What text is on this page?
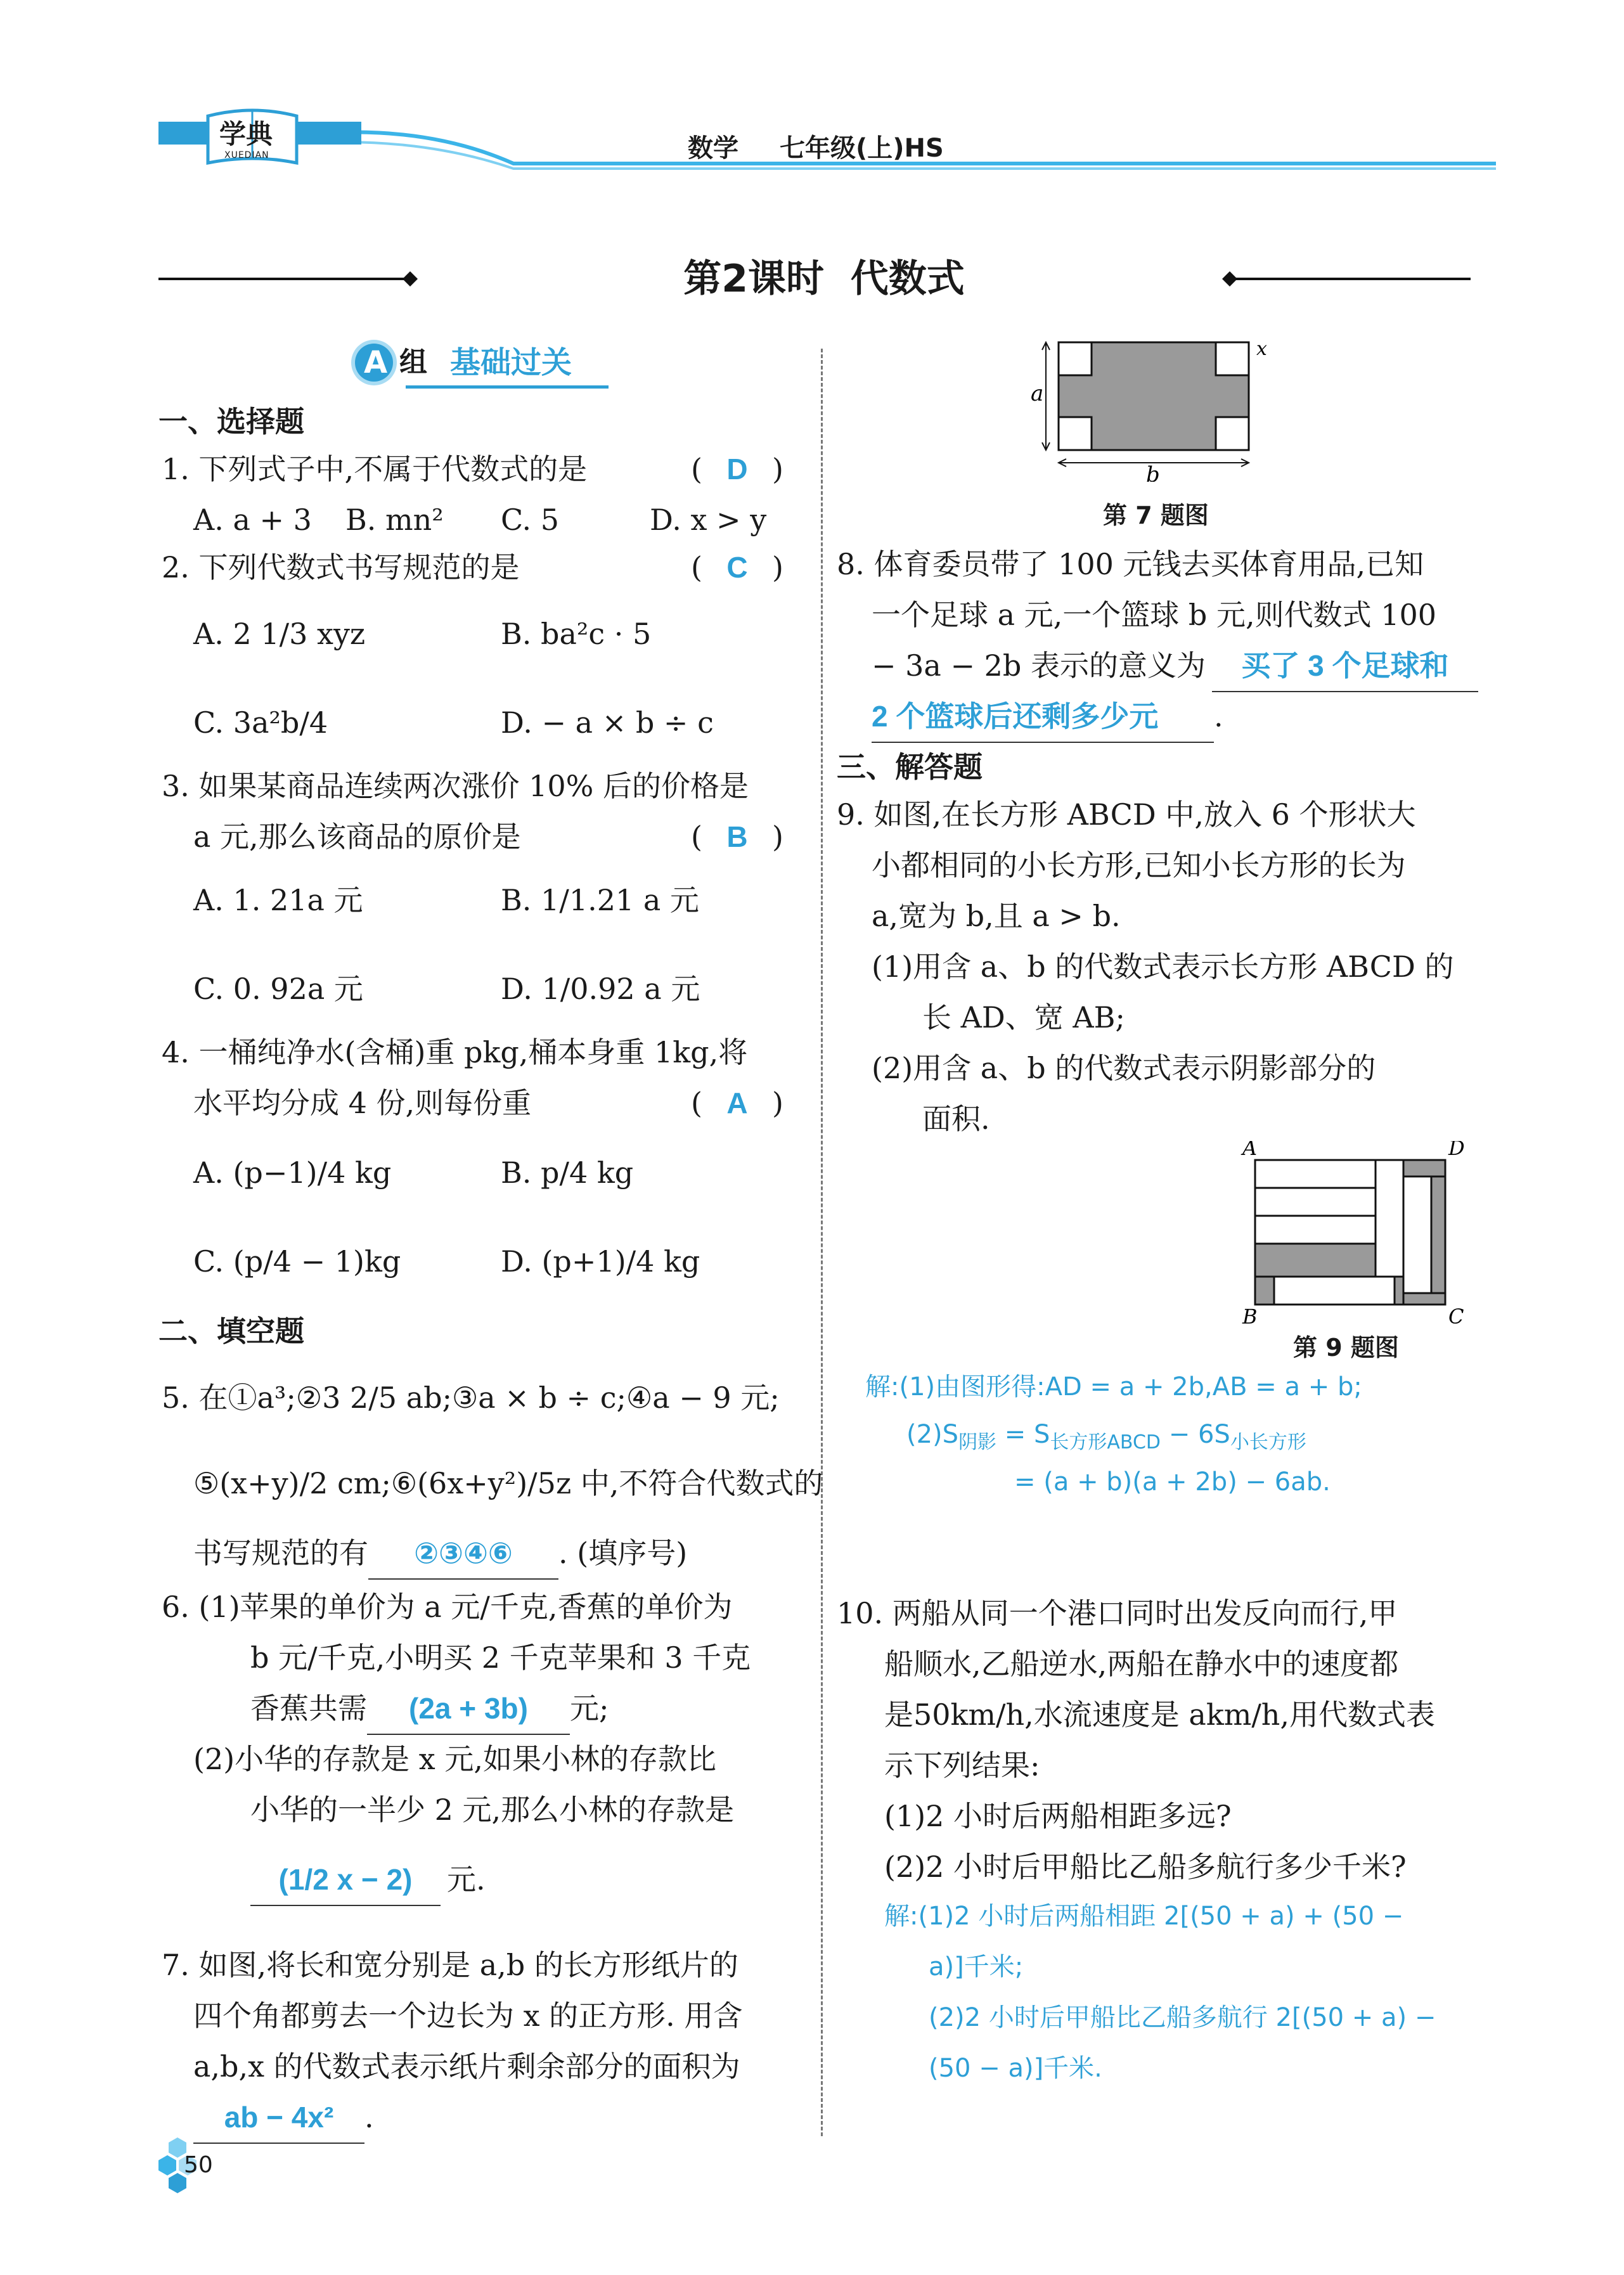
学典
XUEDIAN	数学 七年级(上)HS
第2课时  代数式
A 组 基础过关
一、选择题
1. 下列式子中,不属于代数式的是	( D )
A. a + 3 B. mn² C. 5	D. x > y
2. 下列代数式书写规范的是	( C )
A. 2 1/3 xyz	B. ba²c · 5
C. 3a²b/4	D. − a × b ÷ c
3. 如果某商品连续两次涨价 10% 后的价格是
a 元,那么该商品的原价是	( B )
A. 1. 21a 元	B. 1/1.21 a 元
C. 0. 92a 元	D. 1/0.92 a 元
4. 一桶纯净水(含桶)重 pkg,桶本身重 1kg,将
水平均分成 4 份,则每份重	( A )
A. (p−1)/4 kg	B. p/4 kg
C. (p/4 − 1)kg	D. (p+1)/4 kg
二、填空题
5. 在①a³;②3 2/5 ab;③a × b ÷ c;④a − 9 元;
⑤(x+y)/2 cm;⑥(6x+y²)/5z 中,不符合代数式的
书写规范的有 ②③④⑥ . (填序号)
6. (1)苹果的单价为 a 元/千克,香蕉的单价为
b 元/千克,小明买 2 千克苹果和 3 千克
香蕉共需 (2a + 3b) 元;
(2)小华的存款是 x 元,如果小林的存款比
小华的一半少 2 元,那么小林的存款是
(1/2 x − 2) 元.
7. 如图,将长和宽分别是 a,b 的长方形纸片的
四个角都剪去一个边长为 x 的正方形. 用含
a,b,x 的代数式表示纸片剩余部分的面积为
ab − 4x² .
50
a
b
x
第 7 题图
8. 体育委员带了 100 元钱去买体育用品,已知
一个足球 a 元,一个篮球 b 元,则代数式 100
− 3a − 2b 表示的意义为 买了 3 个足球和
2 个篮球后还剩多少元 .
三、解答题
9. 如图,在长方形 ABCD 中,放入 6 个形状大
小都相同的小长方形,已知小长方形的长为
a,宽为 b,且 a > b.
(1)用含 a、b 的代数式表示长方形 ABCD 的
长 AD、宽 AB;
(2)用含 a、b 的代数式表示阴影部分的
面积.
A	D
B	C
第 9 题图
解:(1)由图形得:AD = a + 2b,AB = a + b;
$(2)S_{阴影} = S_{长方形ABCD} - 6S_{小长方形}$
= (a + b)(a + 2b) − 6ab.
10. 两船从同一个港口同时出发反向而行,甲
船顺水,乙船逆水,两船在静水中的速度都
是50km/h,水流速度是 akm/h,用代数式表
示下列结果:
(1)2 小时后两船相距多远?
(2)2 小时后甲船比乙船多航行多少千米?
解:(1)2 小时后两船相距 2[(50 + a) + (50 −
a)]千米;
(2)2 小时后甲船比乙船多航行 2[(50 + a) −
(50 − a)]千米.
